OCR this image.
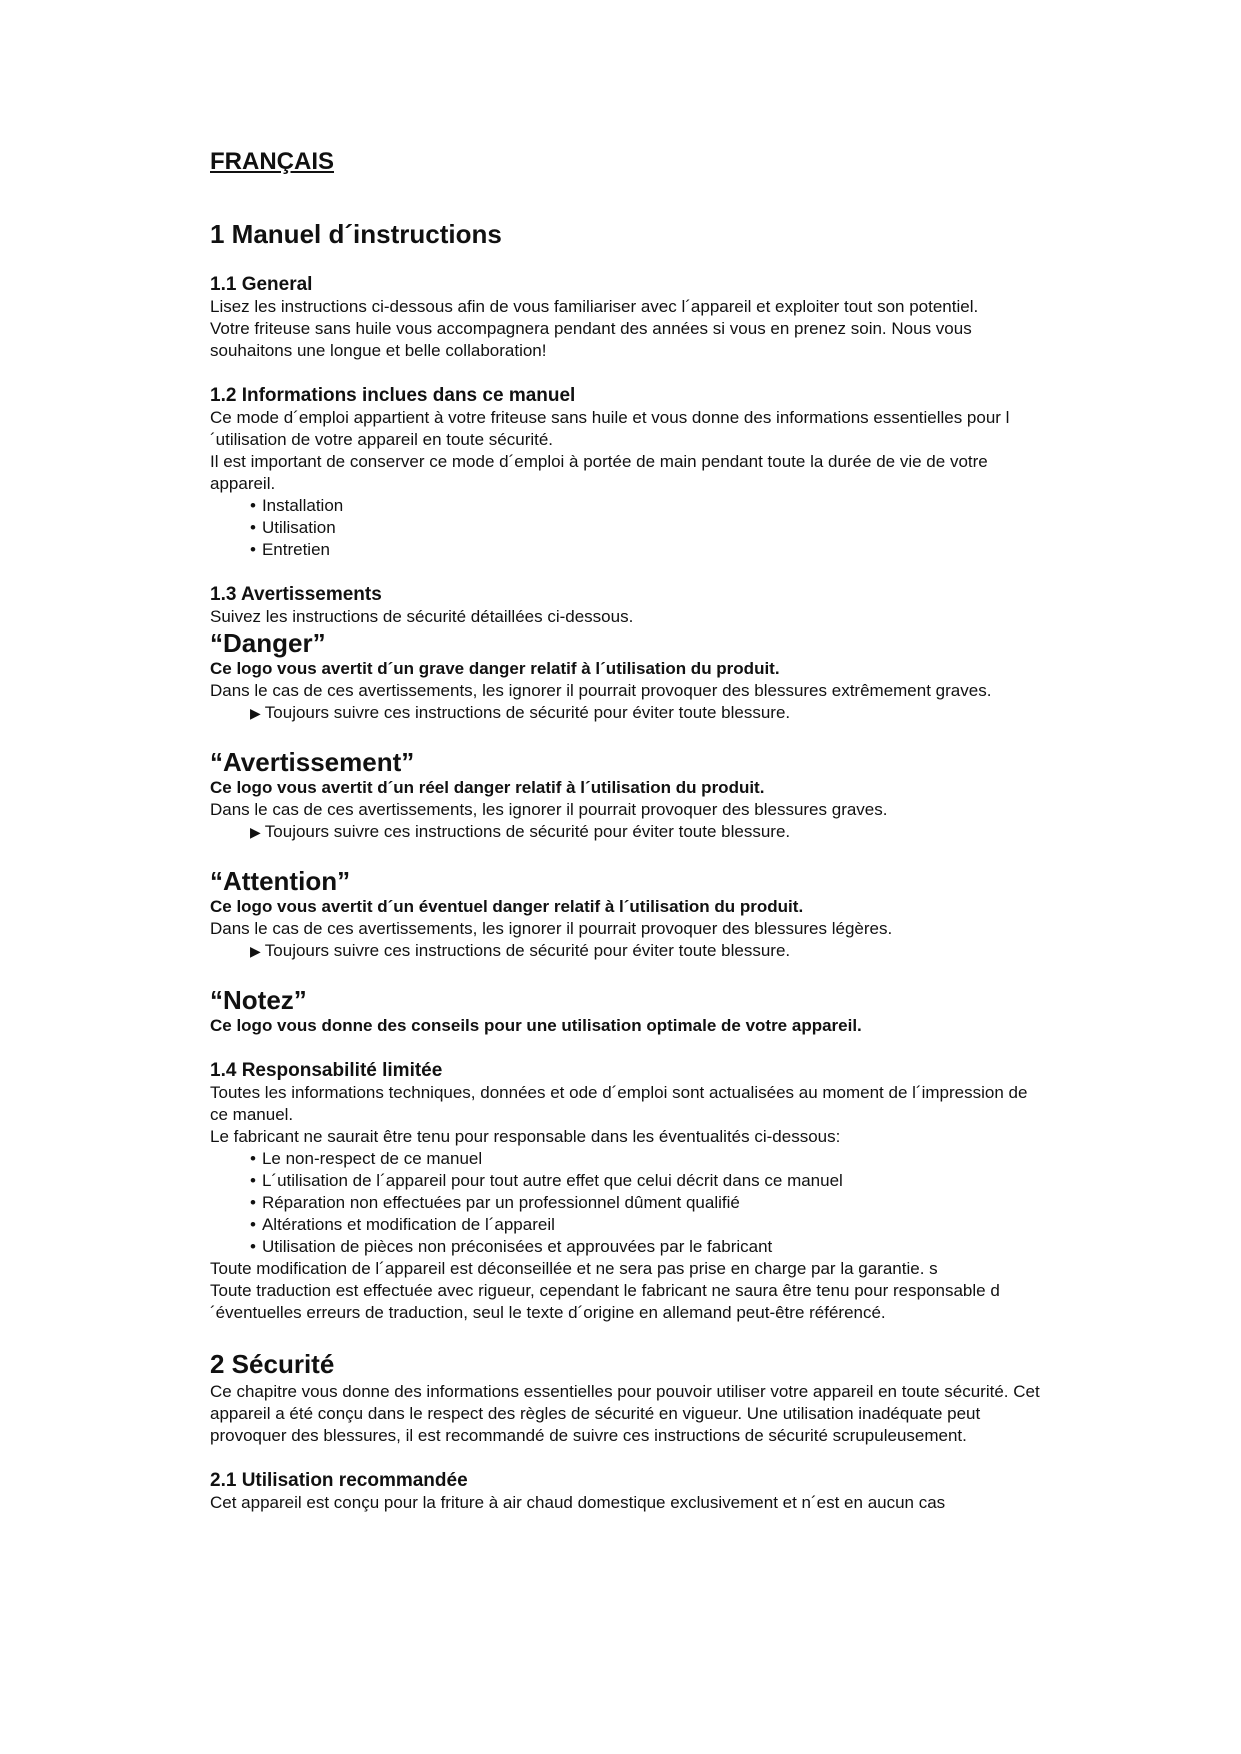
FRANÇAIS
1 Manuel d´instructions
1.1 General

Lisez les instructions ci-dessous afin de vous familiariser avec l´appareil et exploiter tout son potentiel.

Votre friteuse sans huile vous accompagnera pendant des années si vous en prenez soin. Nous vous souhaitons une longue et belle collaboration!

1.2 Informations inclues dans ce manuel

Ce mode d´emploi appartient à votre friteuse sans huile et vous donne des informations essentielles pour l´utilisation de votre appareil en toute sécurité.

Il est important de conserver ce mode d´emploi à portée de main pendant toute la durée de vie de votre appareil.

• Installation
• Utilisation
• Entretien
1.3 Avertissements

Suivez les instructions de sécurité détaillées ci-dessous.

“Danger”

Ce logo vous avertit d´un grave danger relatif à l´utilisation du produit.

Dans le cas de ces avertissements, les ignorer il pourrait provoquer des blessures extrêmement graves.

▶ Toujours suivre ces instructions de sécurité pour éviter toute blessure.
“Avertissement”

Ce logo vous avertit d´un réel danger relatif à l´utilisation du produit.

Dans le cas de ces avertissements, les ignorer il pourrait provoquer des blessures graves.

▶ Toujours suivre ces instructions de sécurité pour éviter toute blessure.
“Attention”

Ce logo vous avertit d´un éventuel danger relatif à l´utilisation du produit.

Dans le cas de ces avertissements, les ignorer il pourrait provoquer des blessures légères.

▶ Toujours suivre ces instructions de sécurité pour éviter toute blessure.
“Notez”

Ce logo vous donne des conseils pour une utilisation optimale de votre appareil.

1.4 Responsabilité limitée

Toutes les informations techniques, données et ode d´emploi sont actualisées au moment de l´impression de ce manuel.

Le fabricant ne saurait être tenu pour responsable dans les éventualités ci-dessous:

• Le non-respect de ce manuel
• L´utilisation de l´appareil pour tout autre effet que celui décrit dans ce manuel
• Réparation non effectuées par un professionnel dûment qualifié
• Altérations et modification de l´appareil
• Utilisation de pièces non préconisées et approuvées par le fabricant

Toute modification de l´appareil est déconseillée et ne sera pas prise en charge par la garantie. s

Toute traduction est effectuée avec rigueur, cependant le fabricant ne saura être tenu pour responsable d´éventuelles erreurs de traduction, seul le texte d´origine en allemand peut-être référencé.

2 Sécurité

Ce chapitre vous donne des informations essentielles pour pouvoir utiliser votre appareil en toute sécurité. Cet appareil a été conçu dans le respect des règles de sécurité en vigueur. Une utilisation inadéquate peut provoquer des blessures, il est recommandé de suivre ces instructions de sécurité scrupuleusement.

2.1 Utilisation recommandée

Cet appareil est conçu pour la friture à air chaud domestique exclusivement et n´est en aucun cas
